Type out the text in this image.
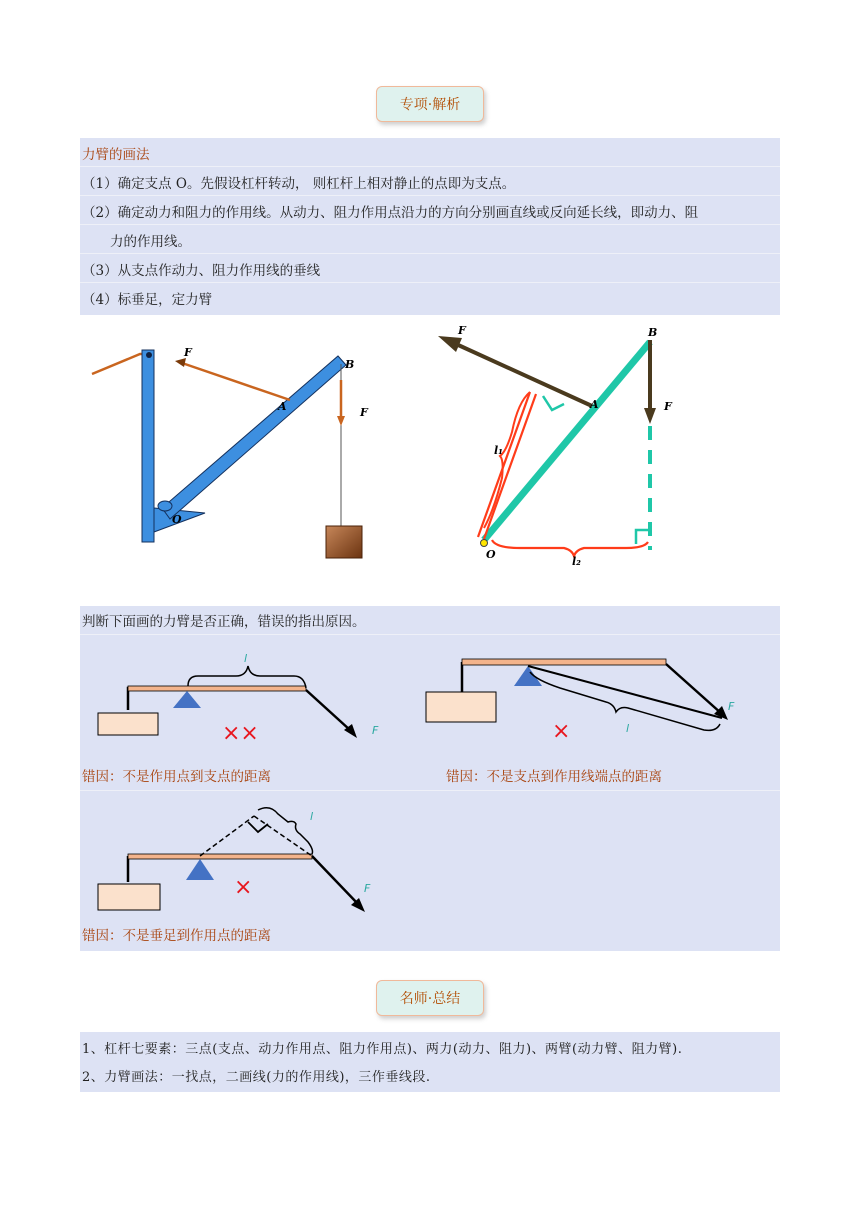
专项·解析
力臂的画法
（1）确定支点 O。先假设杠杆转动， 则杠杆上相对静止的点即为支点。
（2）确定动力和阻力的作用线。从动力、阻力作用点沿力的方向分别画直线或反向延长线，即动力、阻
力的作用线。
（3）从支点作动力、阻力作用线的垂线
（4）标垂足，定力臂
F
A
B
F
O
F	B
A	F
l₁
O
l₂
判断下面画的力臂是否正确，错误的指出原因。
错因：不是作用点到支点的距离	错因：不是支点到作用线端点的距离
错因：不是垂足到作用点的距离
l
F
××	l
F
×
l
F
×
名师·总结
1、杠杆七要素：三点(支点、动力作用点、阻力作用点)、两力(动力、阻力)、两臂(动力臂、阻力臂).
2、力臂画法：一找点，二画线(力的作用线)，三作垂线段.
